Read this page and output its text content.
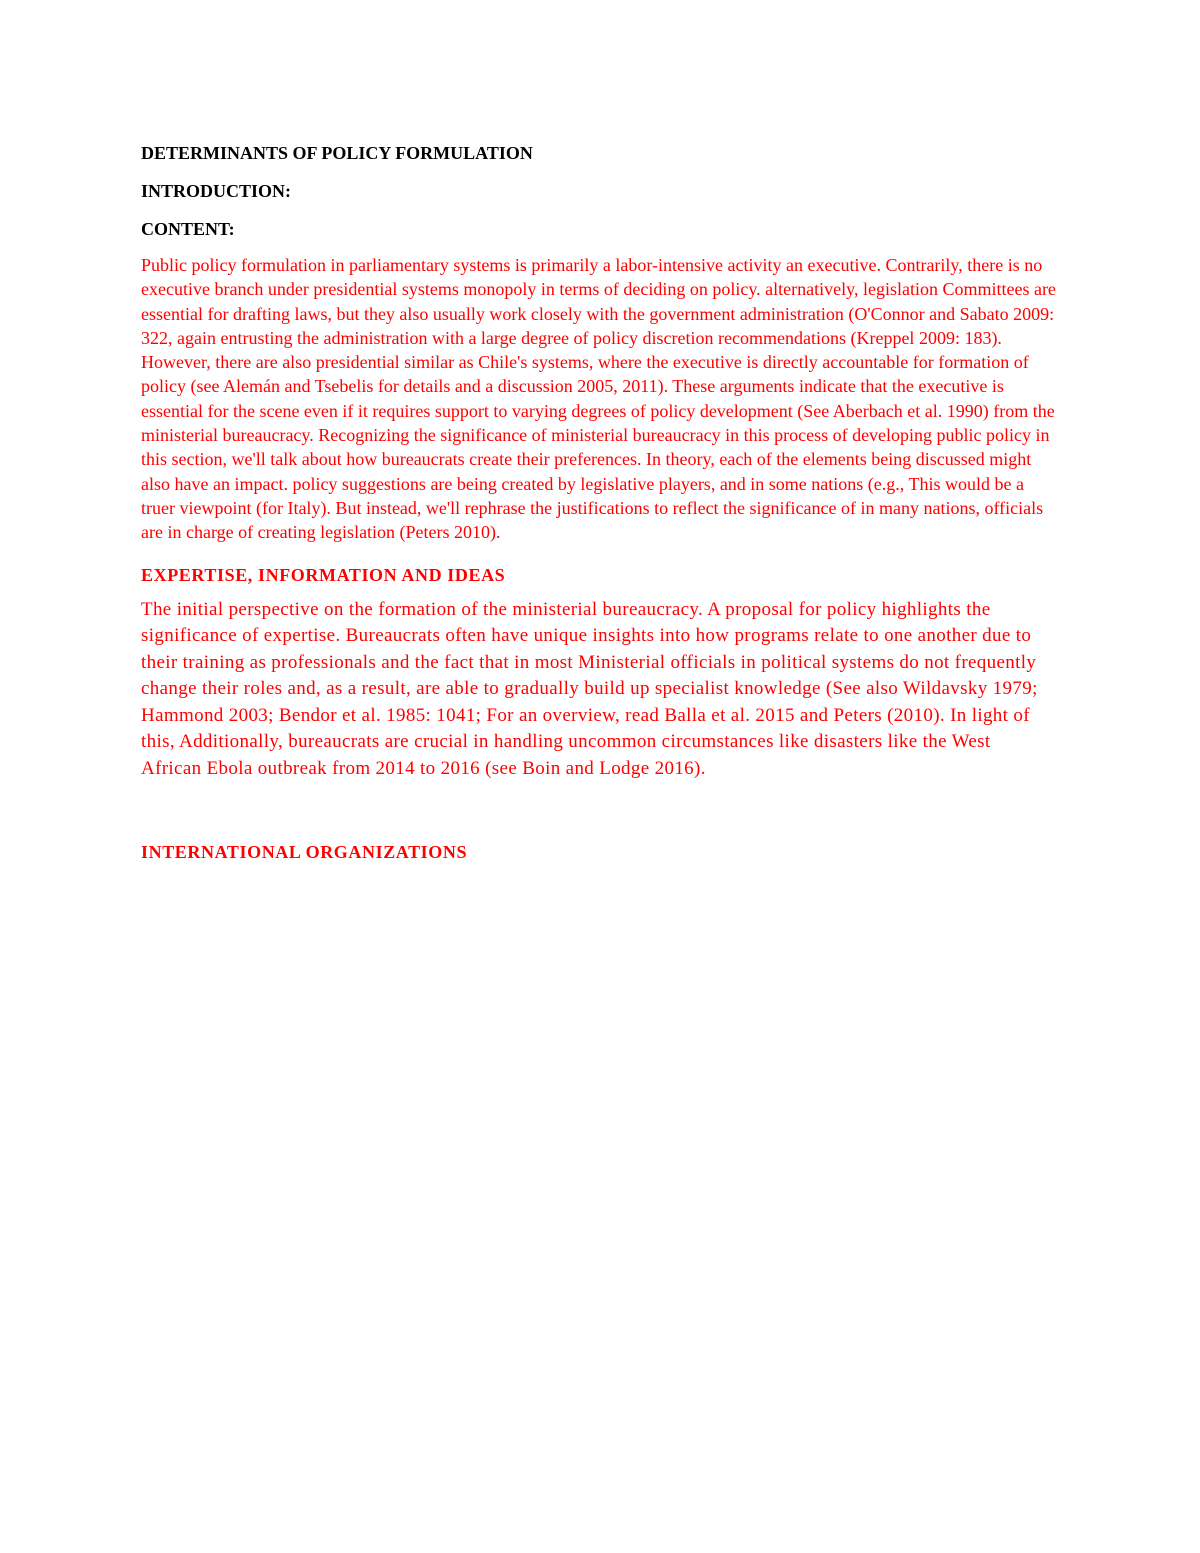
DETERMINANTS OF POLICY FORMULATION

INTRODUCTION:

CONTENT:

Public policy formulation in parliamentary systems is primarily a labor-intensive activity an executive. Contrarily, there is no executive branch under presidential systems monopoly in terms of deciding on policy. alternatively, legislation Committees are essential for drafting laws, but they also usually work closely with the government administration (O'Connor and Sabato 2009: 322, again entrusting the administration with a large degree of policy discretion recommendations (Kreppel 2009: 183). However, there are also presidential similar as Chile's systems, where the executive is directly accountable for formation of policy (see Alemán and Tsebelis for details and a discussion 2005, 2011). These arguments indicate that the executive is essential for the scene even if it requires support to varying degrees of policy development (See Aberbach et al. 1990) from the ministerial bureaucracy. Recognizing the significance of ministerial bureaucracy in this process of developing public policy in this section, we'll talk about how bureaucrats create their preferences. In theory, each of the elements being discussed might also have an impact. policy suggestions are being created by legislative players, and in some nations (e.g., This would be a truer viewpoint (for Italy). But instead, we'll rephrase the justifications to reflect the significance of in many nations, officials are in charge of creating legislation (Peters 2010).

EXPERTISE, INFORMATION AND IDEAS

The initial perspective on the formation of the ministerial bureaucracy. A proposal for policy highlights the significance of expertise. Bureaucrats often have unique insights into how programs relate to one another due to their training as professionals and the fact that in most Ministerial officials in political systems do not frequently change their roles and, as a result, are able to gradually build up specialist knowledge (See also Wildavsky 1979; Hammond 2003; Bendor et al. 1985: 1041; For an overview, read Balla et al. 2015 and Peters (2010). In light of this, Additionally, bureaucrats are crucial in handling uncommon circumstances like disasters like the West African Ebola outbreak from 2014 to 2016 (see Boin and Lodge 2016).

INTERNATIONAL ORGANIZATIONS
